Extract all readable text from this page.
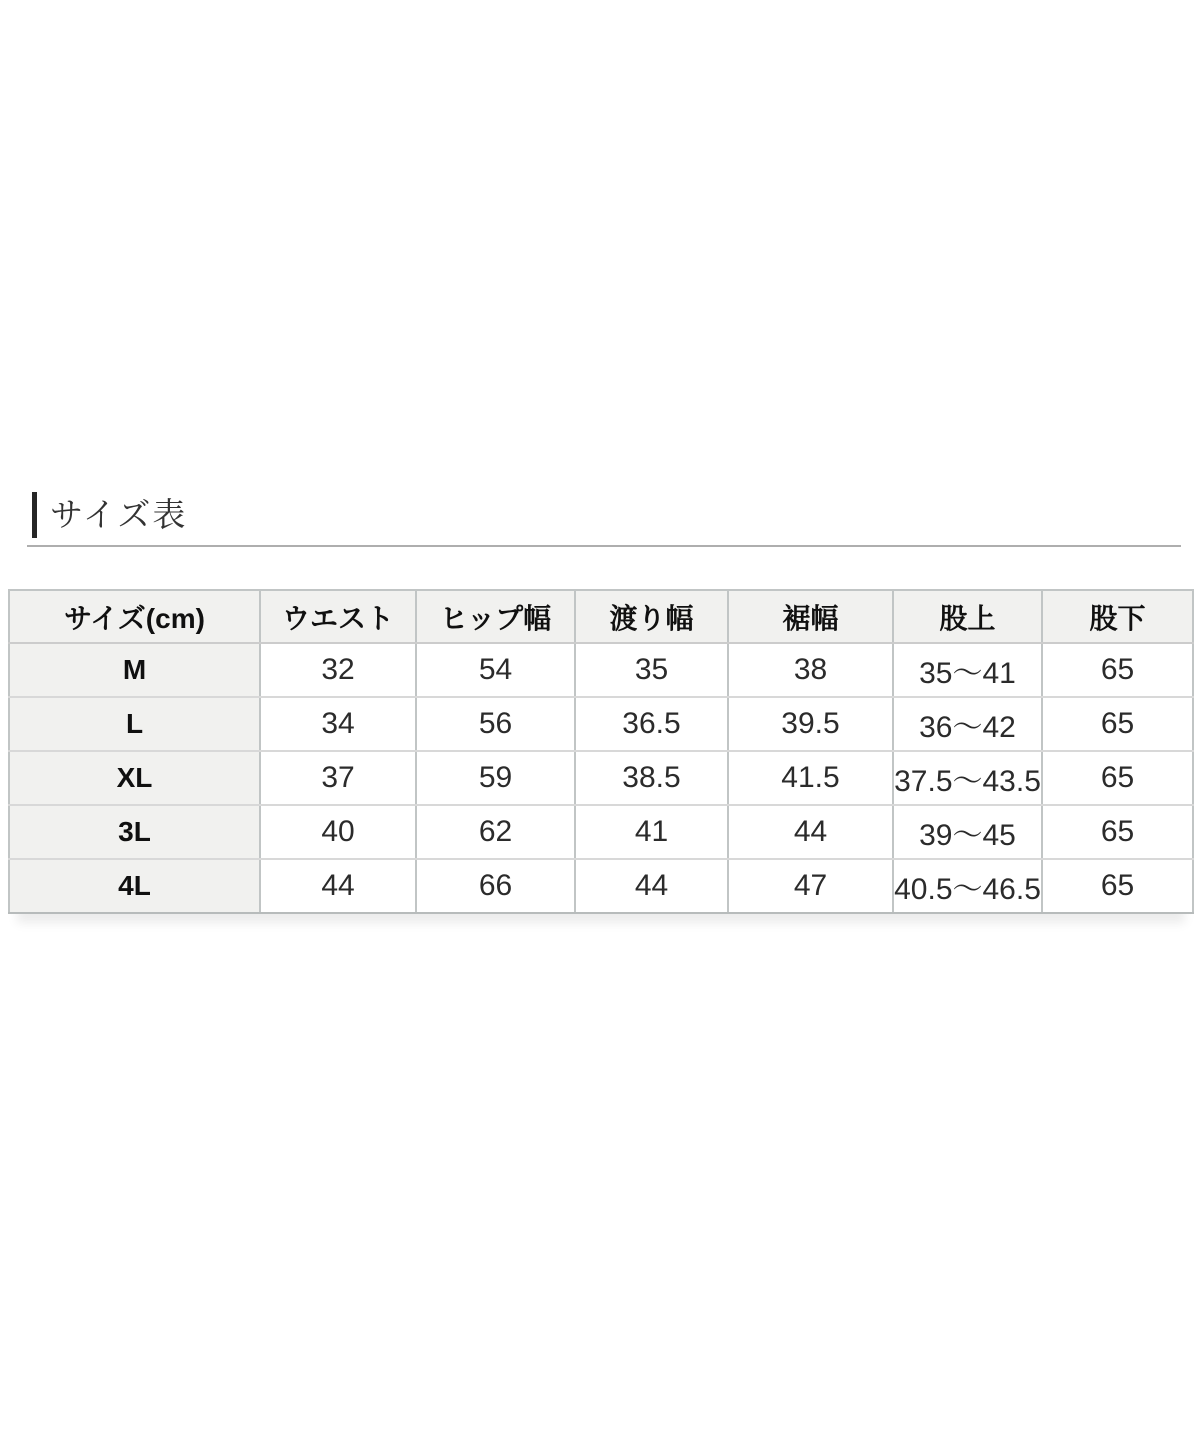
サイズ表
サイズ(cm)	ウエスト	ヒップ幅	渡り幅	裾幅	股上	股下
M	32	54	35	38	35〜41	65
L	34	56	36.5	39.5	36〜42	65
XL	37	59	38.5	41.5	37.5〜43.5	65
3L	40	62	41	44	39〜45	65
4L	44	66	44	47	40.5〜46.5	65
